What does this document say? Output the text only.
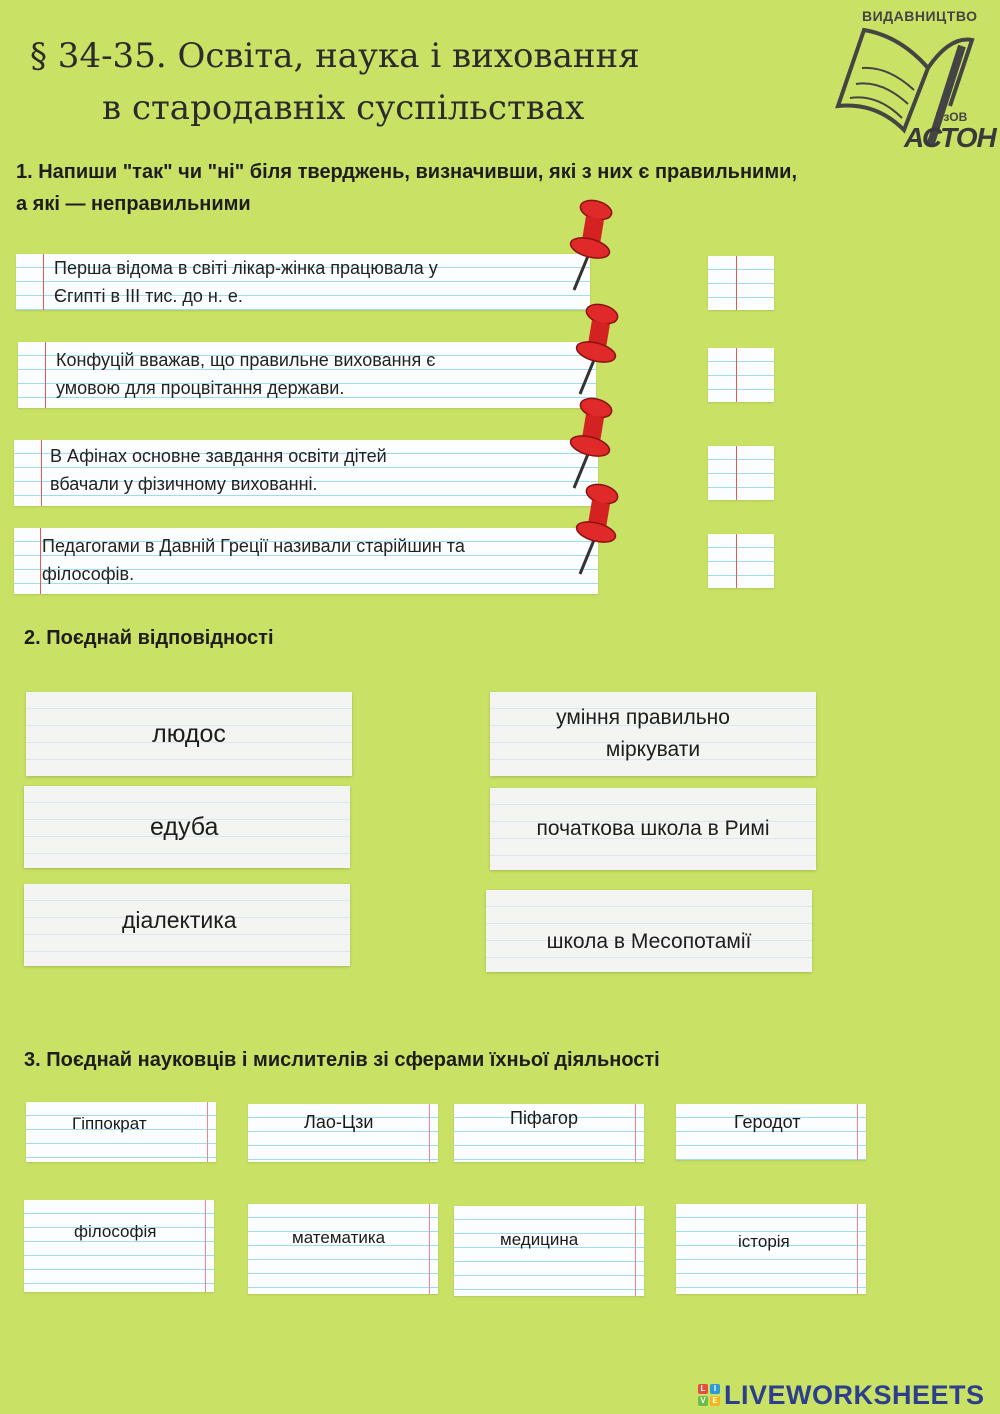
§ 34-35. Освіта, наука і виховання
в стародавніх суспільствах
ВИДАВНИЦТВО
ТзОВ
АСТОН
1. Напиши "так" чи "ні" біля тверджень, визначивши, які з них є правильними,
а які — неправильними
Перша відома в світі лікар-жінка працювала у
Єгипті в ІІІ тис. до н. е.
Конфуцій вважав, що правильне виховання є
умовою для процвітання держави.
В Афінах основне завдання освіти дітей
вбачали у фізичному вихованні.
Педагогами в Давній Греції називали старійшин та
філософів.
2. Поєднай відповідності
людос
едуба
діалектика
уміння правильно
міркувати
початкова школа в Римі
школа в Месопотамії
3. Поєднай науковців і мислителів зі сферами їхньої діяльності
Гіппократ	Лао-Цзи	Піфагор	Геродот
філософія	математика	медицина	історія
L	I
V E LIVEWORKSHEETS
